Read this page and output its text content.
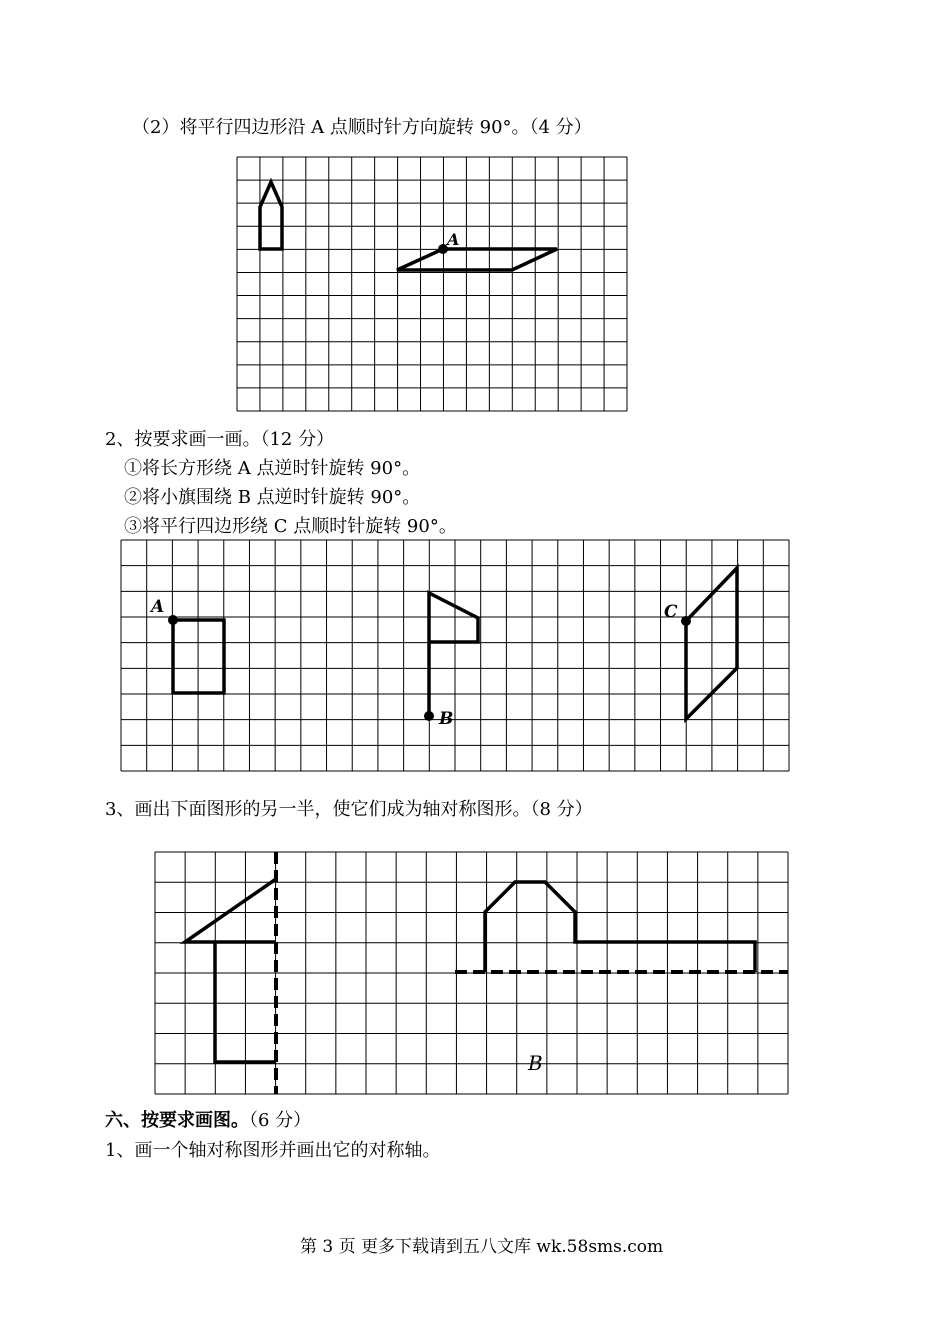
（2）将平行四边形沿 A 点顺时针方向旋转 90°。（4 分）
A
2、按要求画一画。（12 分）
①将长方形绕 A 点逆时针旋转 90°。
②将小旗围绕 B 点逆时针旋转 90°。
③将平行四边形绕 C 点顺时针旋转 90°。
A
B
C
3、画出下面图形的另一半，使它们成为轴对称图形。（8 分）
B
六、按要求画图。（6 分）
1、画一个轴对称图形并画出它的对称轴。
第 3 页 更多下载请到五八文库 wk.58sms.com
